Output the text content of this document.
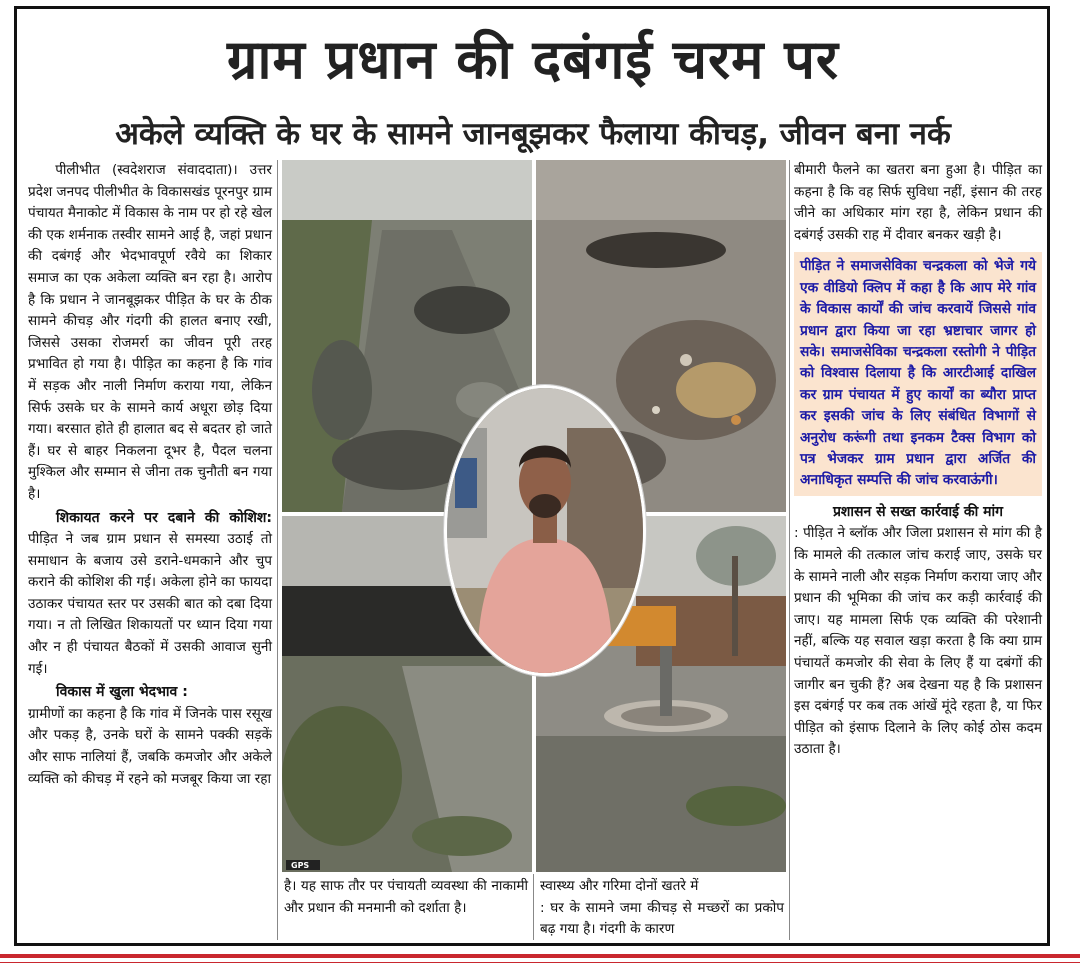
ग्राम प्रधान की दबंगई चरम पर
अकेले व्यक्ति के घर के सामने जानबूझकर फैलाया कीचड़, जीवन बना नर्क

पीलीभीत (स्वदेशराज संवाददाता)। उत्तर प्रदेश जनपद पीलीभीत के विकासखंड पूरनपुर ग्राम पंचायत मैनाकोट में विकास के नाम पर हो रहे खेल की एक शर्मनाक तस्वीर सामने आई है, जहां प्रधान की दबंगई और भेदभावपूर्ण रवैये का शिकार समाज का एक अकेला व्यक्ति बन रहा है। आरोप है कि प्रधान ने जानबूझकर पीड़ित के घर के ठीक सामने कीचड़ और गंदगी की हालत बनाए रखी, जिससे उसका रोजमर्रा का जीवन पूरी तरह प्रभावित हो गया है। पीड़ित का कहना है कि गांव में सड़क और नाली निर्माण कराया गया, लेकिन सिर्फ उसके घर के सामने कार्य अधूरा छोड़ दिया गया। बरसात होते ही हालात बद से बदतर हो जाते हैं। घर से बाहर निकलना दूभर है, पैदल चलना मुश्किल और सम्मान से जीना तक चुनौती बन गया है।

शिकायत करने पर दबाने की कोशिश: पीड़ित ने जब ग्राम प्रधान से समस्या उठाई तो समाधान के बजाय उसे डराने-धमकाने और चुप कराने की कोशिश की गई। अकेला होने का फायदा उठाकर पंचायत स्तर पर उसकी बात को दबा दिया गया। न तो लिखित शिकायतों पर ध्यान दिया गया और न ही पंचायत बैठकों में उसकी आवाज सुनी गई।

विकास में खुला भेदभाव :

ग्रामीणों का कहना है कि गांव में जिनके पास रसूख और पकड़ है, उनके घरों के सामने पक्की सड़कें और साफ नालियां हैं, जबकि कमजोर और अकेले व्यक्ति को कीचड़ में रहने को मजबूर किया जा रहा

GPS
है। यह साफ तौर पर पंचायती व्यवस्था की नाकामी और प्रधान की मनमानी को दर्शाता है।
स्वास्थ्य और गरिमा दोनों खतरे में
: घर के सामने जमा कीचड़ से मच्छरों का प्रकोप बढ़ गया है। गंदगी के कारण

बीमारी फैलने का खतरा बना हुआ है। पीड़ित का कहना है कि वह सिर्फ सुविधा नहीं, इंसान की तरह जीने का अधिकार मांग रहा है, लेकिन प्रधान की दबंगई उसकी राह में दीवार बनकर खड़ी है।

पीड़ित ने समाजसेविका चन्द्रकला को भेजे गये एक वीडियो क्लिप में कहा है कि आप मेरे गांव के विकास कार्यों की जांच करवायें जिससे गांव प्रधान द्वारा किया जा रहा भ्रष्टाचार जागर हो सके। समाजसेविका चन्द्रकला रस्तोगी ने पीड़ित को विश्वास दिलाया है कि आरटीआई दाखिल कर ग्राम पंचायत में हुए कार्यों का ब्यौरा प्राप्त कर इसकी जांच के लिए संबंधित विभागों से अनुरोध करूंगी तथा इनकम टैक्स विभाग को पत्र भेजकर ग्राम प्रधान द्वारा अर्जित की अनाधिकृत सम्पत्ति की जांच करवाऊंगी।
प्रशासन से सख्त कार्रवाई की मांग

: पीड़ित ने ब्लॉक और जिला प्रशासन से मांग की है कि मामले की तत्काल जांच कराई जाए, उसके घर के सामने नाली और सड़क निर्माण कराया जाए और प्रधान की भूमिका की जांच कर कड़ी कार्रवाई की जाए। यह मामला सिर्फ एक व्यक्ति की परेशानी नहीं, बल्कि यह सवाल खड़ा करता है कि क्या ग्राम पंचायतें कमजोर की सेवा के लिए हैं या दबंगों की जागीर बन चुकी हैं? अब देखना यह है कि प्रशासन इस दबंगई पर कब तक आंखें मूंदे रहता है, या फिर पीड़ित को इंसाफ दिलाने के लिए कोई ठोस कदम उठाता है।
